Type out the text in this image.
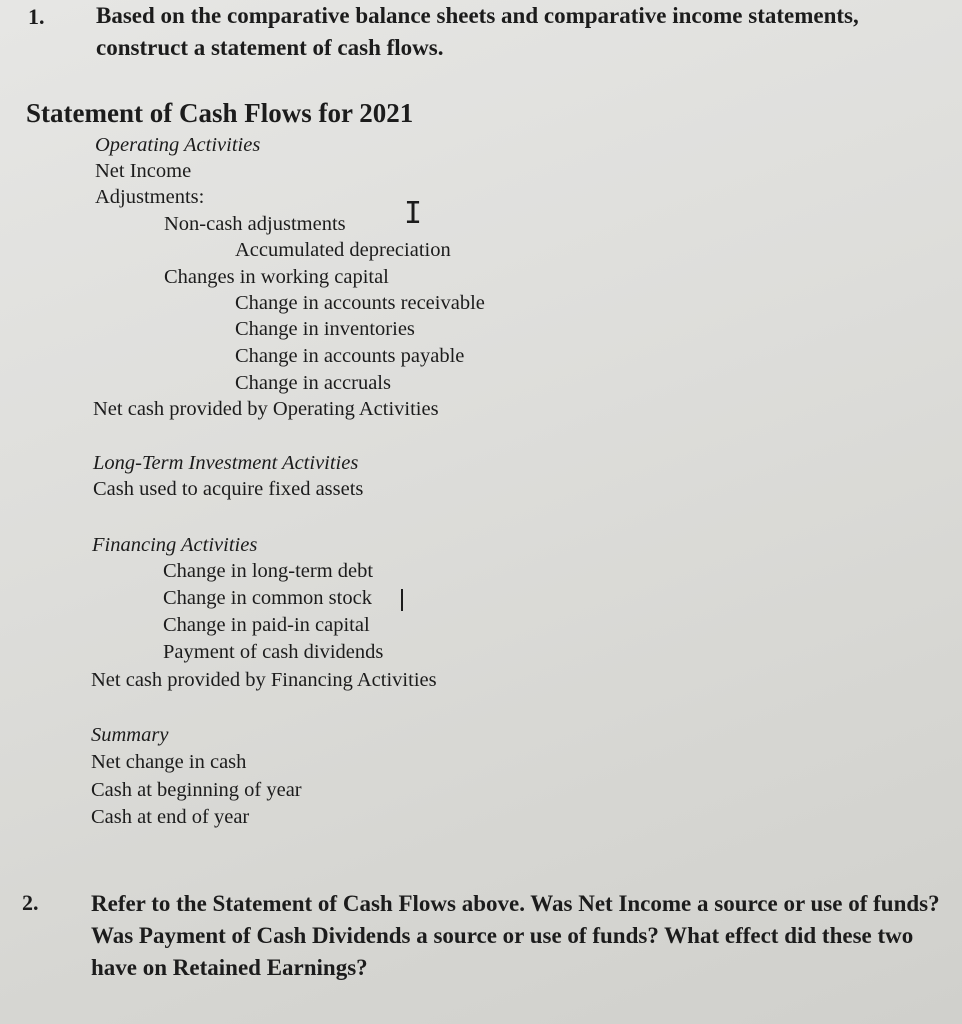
1. Based on the comparative balance sheets and comparative income statements, construct a statement of cash flows.
Statement of Cash Flows for 2021
Operating Activities
Net Income
Adjustments:
Non-cash adjustments I
Accumulated depreciation
Changes in working capital
Change in accounts receivable
Change in inventories
Change in accounts payable
Change in accruals
Net cash provided by Operating Activities
Long-Term Investment Activities
Cash used to acquire fixed assets
Financing Activities
Change in long-term debt
Change in common stock
Change in paid-in capital
Payment of cash dividends
Net cash provided by Financing Activities
Summary
Net change in cash
Cash at beginning of year
Cash at end of year
2. Refer to the Statement of Cash Flows above. Was Net Income a source or use of funds? Was Payment of Cash Dividends a source or use of funds? What effect did these two have on Retained Earnings?
